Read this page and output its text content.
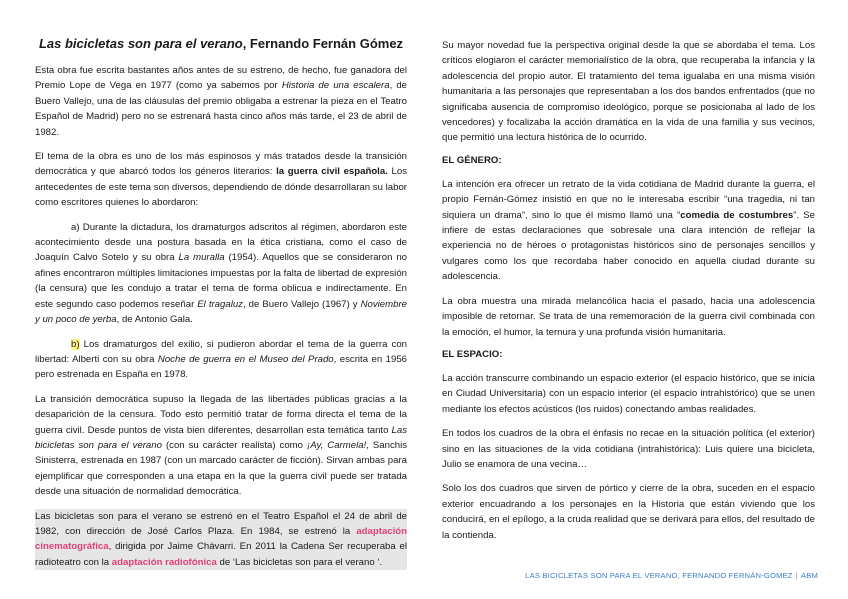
Las bicicletas son para el verano, Fernando Fernán Gómez

Esta obra fue escrita bastantes años antes de su estreno, de hecho, fue ganadora del Premio Lope de Vega en 1977 (como ya sabemos por Historia de una escalera, de Buero Vallejo, una de las cláusulas del premio obligaba a estrenar la pieza en el Teatro Español de Madrid) pero no se estrenará hasta cinco años más tarde, el 23 de abril de 1982.

El tema de la obra es uno de los más espinosos y más tratados desde la transición democrática y que abarcó todos los géneros literarios: la guerra civil española. Los antecedentes de este tema son diversos, dependiendo de dónde desarrollaran su labor como escritores quienes lo abordaron:

a) Durante la dictadura, los dramaturgos adscritos al régimen, abordaron este acontecimiento desde una postura basada en la ética cristiana, como el caso de Joaquín Calvo Sotelo y su obra La muralla (1954). Aquellos que se consideraron no afines encontraron múltiples limitaciones impuestas por la falta de libertad de expresión (la censura) que les condujo a tratar el tema de forma oblicua e indirectamente. En este segundo caso podemos reseñar El tragaluz, de Buero Vallejo (1967) y Noviembre y un poco de yerba, de Antonio Gala.

b) Los dramaturgos del exilio, si pudieron abordar el tema de la guerra con libertad: Alberti con su obra Noche de guerra en el Museo del Prado, escrita en 1956 pero estrenada en España en 1978.

La transición democrática supuso la llegada de las libertades públicas gracias a la desaparición de la censura. Todo esto permitió tratar de forma directa el tema de la guerra civil. Desde puntos de vista bien diferentes, desarrollan esta temática tanto Las bicicletas son para el verano (con su carácter realista) como ¡Ay, Carmela!, Sanchis Sinisterra, estrenada en 1987 (con un marcado carácter de ficción). Sirvan ambas para ejemplificar que corresponden a una etapa en la que la guerra civil puede ser tratada desde una situación de normalidad democrática.

Las bicicletas son para el verano se estrenó en el Teatro Español el 24 de abril de 1982, con dirección de José Carlos Plaza. En 1984, se estrenó la adaptación cinematográfica, dirigida por Jaime Chávarri. En 2011 la Cadena Ser recuperaba el radioteatro con la adaptación radiofónica de ‘Las bicicletas son para el verano ‘.

Su mayor novedad fue la perspectiva original desde la que se abordaba el tema. Los críticos elogiaron el carácter memorialístico de la obra, que recuperaba la infancia y la adolescencia del propio autor. El tratamiento del tema igualaba en una misma visión humanitaria a las personajes que representaban a los dos bandos enfrentados (que no significaba ausencia de compromiso ideológico, porque se posicionaba al lado de los vencedores) y focalizaba la acción dramática en la vida de una familia y sus vecinos, que permitió una lectura histórica de lo ocurrido.

EL GÉNERO:

La intención era ofrecer un retrato de la vida cotidiana de Madrid durante la guerra, el propio Fernán-Gómez insistió en que no le interesaba escribir “una tragedia, ni tan siquiera un drama”, sino lo que él mismo llamó una “comedia de costumbres”. Se infiere de estas declaraciones que sobresale una clara intención de reflejar la experiencia no de héroes o protagonistas históricos sino de personajes sencillos y vulgares como los que recordaba haber conocido en aquella ciudad durante su adolescencia.

La obra muestra una mirada melancólica hacia el pasado, hacia una adolescencia imposible de retornar. Se trata de una rememoración de la guerra civil combinada con la emoción, el humor, la ternura y una profunda visión humanitaria.

EL ESPACIO:

La acción transcurre combinando un espacio exterior (el espacio histórico, que se inicia en Ciudad Universitaria) con un espacio interior (el espacio intrahistórico) que se unen mediante los efectos acústicos (los ruidos) conectando ambas realidades.

En todos los cuadros de la obra el énfasis no recae en la situación política (el exterior) sino en las situaciones de la vida cotidiana (intrahistórica): Luis quiere una bicicleta, Julio se enamora de una vecina…

Solo los dos cuadros que sirven de pórtico y cierre de la obra, suceden en el espacio exterior encuadrando a los personajes en la Historia que están viviendo que los conducirá, en el epílogo, a la cruda realidad que se derivará para ellos, del resultado de la contienda.

LAS BICICLETAS SON PARA EL VERANO, FERNANDO FERNÁN-GÓMEZ | ABM
